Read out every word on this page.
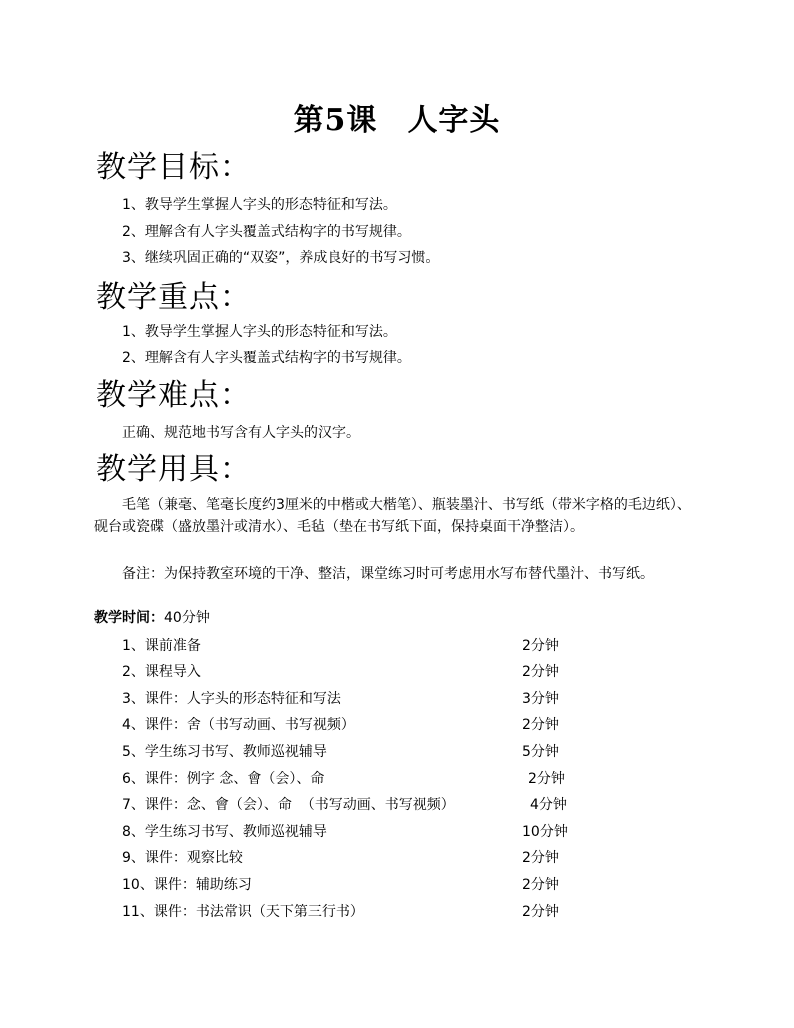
第5课 人字头
教学目标：
1、教导学生掌握人字头的形态特征和写法。
2、理解含有人字头覆盖式结构字的书写规律。
3、继续巩固正确的“双姿”，养成良好的书写习惯。
教学重点：
1、教导学生掌握人字头的形态特征和写法。
2、理解含有人字头覆盖式结构字的书写规律。
教学难点：
正确、规范地书写含有人字头的汉字。
教学用具：
毛笔（兼毫、笔毫长度约3厘米的中楷或大楷笔）、瓶装墨汁、书写纸（带米字格的毛边纸）、砚台或瓷碟（盛放墨汁或清水）、毛毡（垫在书写纸下面，保持桌面干净整洁）。
备注：为保持教室环境的干净、整洁，课堂练习时可考虑用水写布替代墨汁、书写纸。
教学时间：40分钟
1、课前准备	2分钟
2、课程导入	2分钟
3、课件：人字头的形态特征和写法	3分钟
4、课件：舍（书写动画、书写视频）	2分钟
5、学生练习书写、教师巡视辅导	5分钟
6、课件：例字 念、會（会）、命	2分钟
7、课件：念、會（会）、命  （书写动画、书写视频）	4分钟
8、学生练习书写、教师巡视辅导	10分钟
9、课件：观察比较	2分钟
10、课件：辅助练习	2分钟
11、课件：书法常识（天下第三行书）	2分钟
